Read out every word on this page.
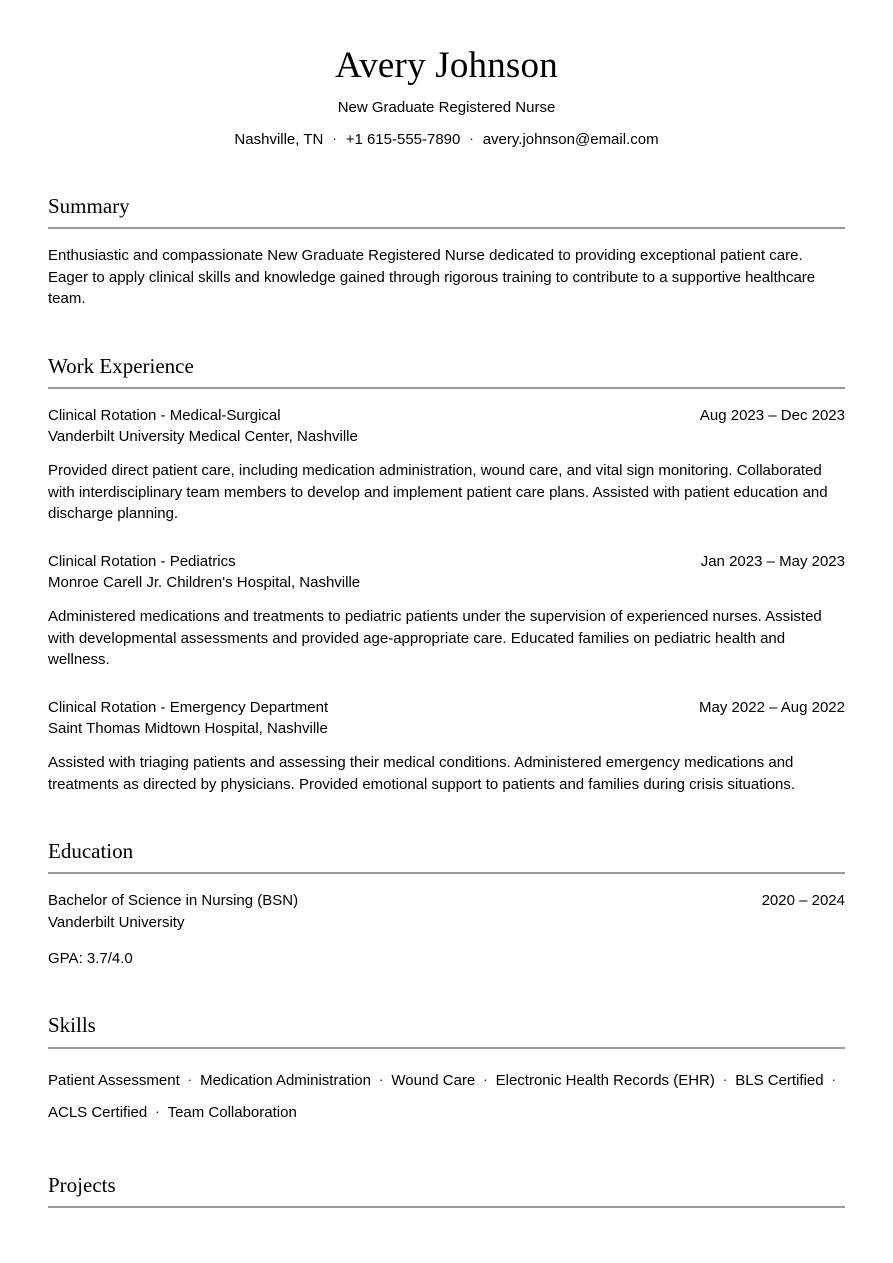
Avery Johnson
New Graduate Registered Nurse
Nashville, TN · +1 615-555-7890 · avery.johnson@email.com
Summary

Enthusiastic and compassionate New Graduate Registered Nurse dedicated to providing exceptional patient care. Eager to apply clinical skills and knowledge gained through rigorous training to contribute to a supportive healthcare team.

Work Experience

Clinical Rotation - Medical-Surgical	Aug 2023 – Dec 2023

Vanderbilt University Medical Center, Nashville

Provided direct patient care, including medication administration, wound care, and vital sign monitoring. Collaborated with interdisciplinary team members to develop and implement patient care plans. Assisted with patient education and discharge planning.

Clinical Rotation - Pediatrics	Jan 2023 – May 2023

Monroe Carell Jr. Children's Hospital, Nashville

Administered medications and treatments to pediatric patients under the supervision of experienced nurses. Assisted with developmental assessments and provided age-appropriate care. Educated families on pediatric health and wellness.

Clinical Rotation - Emergency Department	May 2022 – Aug 2022

Saint Thomas Midtown Hospital, Nashville

Assisted with triaging patients and assessing their medical conditions. Administered emergency medications and treatments as directed by physicians. Provided emotional support to patients and families during crisis situations.

Education

Bachelor of Science in Nursing (BSN)	2020 – 2024

Vanderbilt University

GPA: 3.7/4.0

Skills

Patient Assessment · Medication Administration · Wound Care · Electronic Health Records (EHR) · BLS Certified ·ACLS Certified · Team Collaboration

Projects
